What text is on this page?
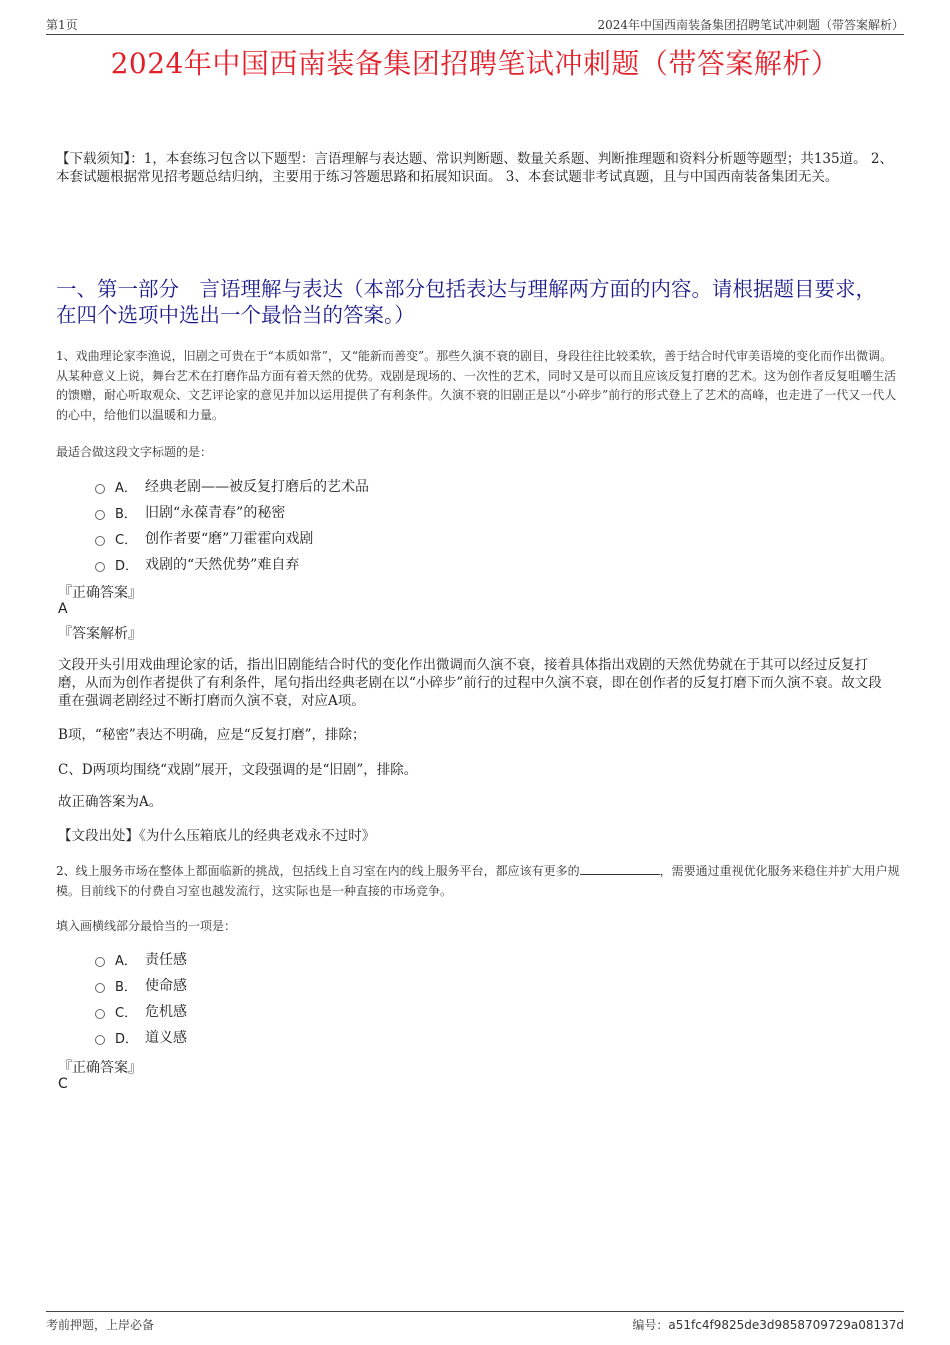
第1页	2024年中国西南装备集团招聘笔试冲刺题（带答案解析）
2024年中国西南装备集团招聘笔试冲刺题（带答案解析）
【下载须知】：1，本套练习包含以下题型：言语理解与表达题、常识判断题、数量关系题、判断推理题和资料分析题等题型；共135道。 2、本套试题根据常见招考题总结归纳，主要用于练习答题思路和拓展知识面。 3、本套试题非考试真题，且与中国西南装备集团无关。
一、第一部分　言语理解与表达（本部分包括表达与理解两方面的内容。请根据题目要求，在四个选项中选出一个最恰当的答案。）
1、戏曲理论家李渔说，旧剧之可贵在于“本质如常”，又“能新而善变”。那些久演不衰的剧目，身段往往比较柔软，善于结合时代审美语境的变化而作出微调。从某种意义上说，舞台艺术在打磨作品方面有着天然的优势。戏剧是现场的、一次性的艺术，同时又是可以而且应该反复打磨的艺术。这为创作者反复咀嚼生活的馈赠，耐心听取观众、文艺评论家的意见并加以运用提供了有利条件。久演不衰的旧剧正是以“小碎步”前行的形式登上了艺术的高峰，也走进了一代又一代人的心中，给他们以温暖和力量。
最适合做这段文字标题的是：
A． 经典老剧——被反复打磨后的艺术品
B． 旧剧“永葆青春”的秘密
C． 创作者要“磨”刀霍霍向戏剧
D． 戏剧的“天然优势”难自弃
『正确答案』
A
『答案解析』
文段开头引用戏曲理论家的话，指出旧剧能结合时代的变化作出微调而久演不衰，接着具体指出戏剧的天然优势就在于其可以经过反复打磨，从而为创作者提供了有利条件，尾句指出经典老剧在以“小碎步”前行的过程中久演不衰，即在创作者的反复打磨下而久演不衰。故文段重在强调老剧经过不断打磨而久演不衰，对应A项。
B项，“秘密”表达不明确，应是“反复打磨”，排除；
C、D两项均围绕“戏剧”展开，文段强调的是“旧剧”，排除。
故正确答案为A。
【文段出处】《为什么压箱底儿的经典老戏永不过时》
2、线上服务市场在整体上都面临新的挑战，包括线上自习室在内的线上服务平台，都应该有更多的	，需要通过重视优化服务来稳住并扩大用户规模。目前线下的付费自习室也越发流行，这实际也是一种直接的市场竞争。
填入画横线部分最恰当的一项是：
A． 责任感
B． 使命感
C． 危机感
D． 道义感
『正确答案』
C
考前押题，上岸必备	编号：a51fc4f9825de3d9858709729a08137d
